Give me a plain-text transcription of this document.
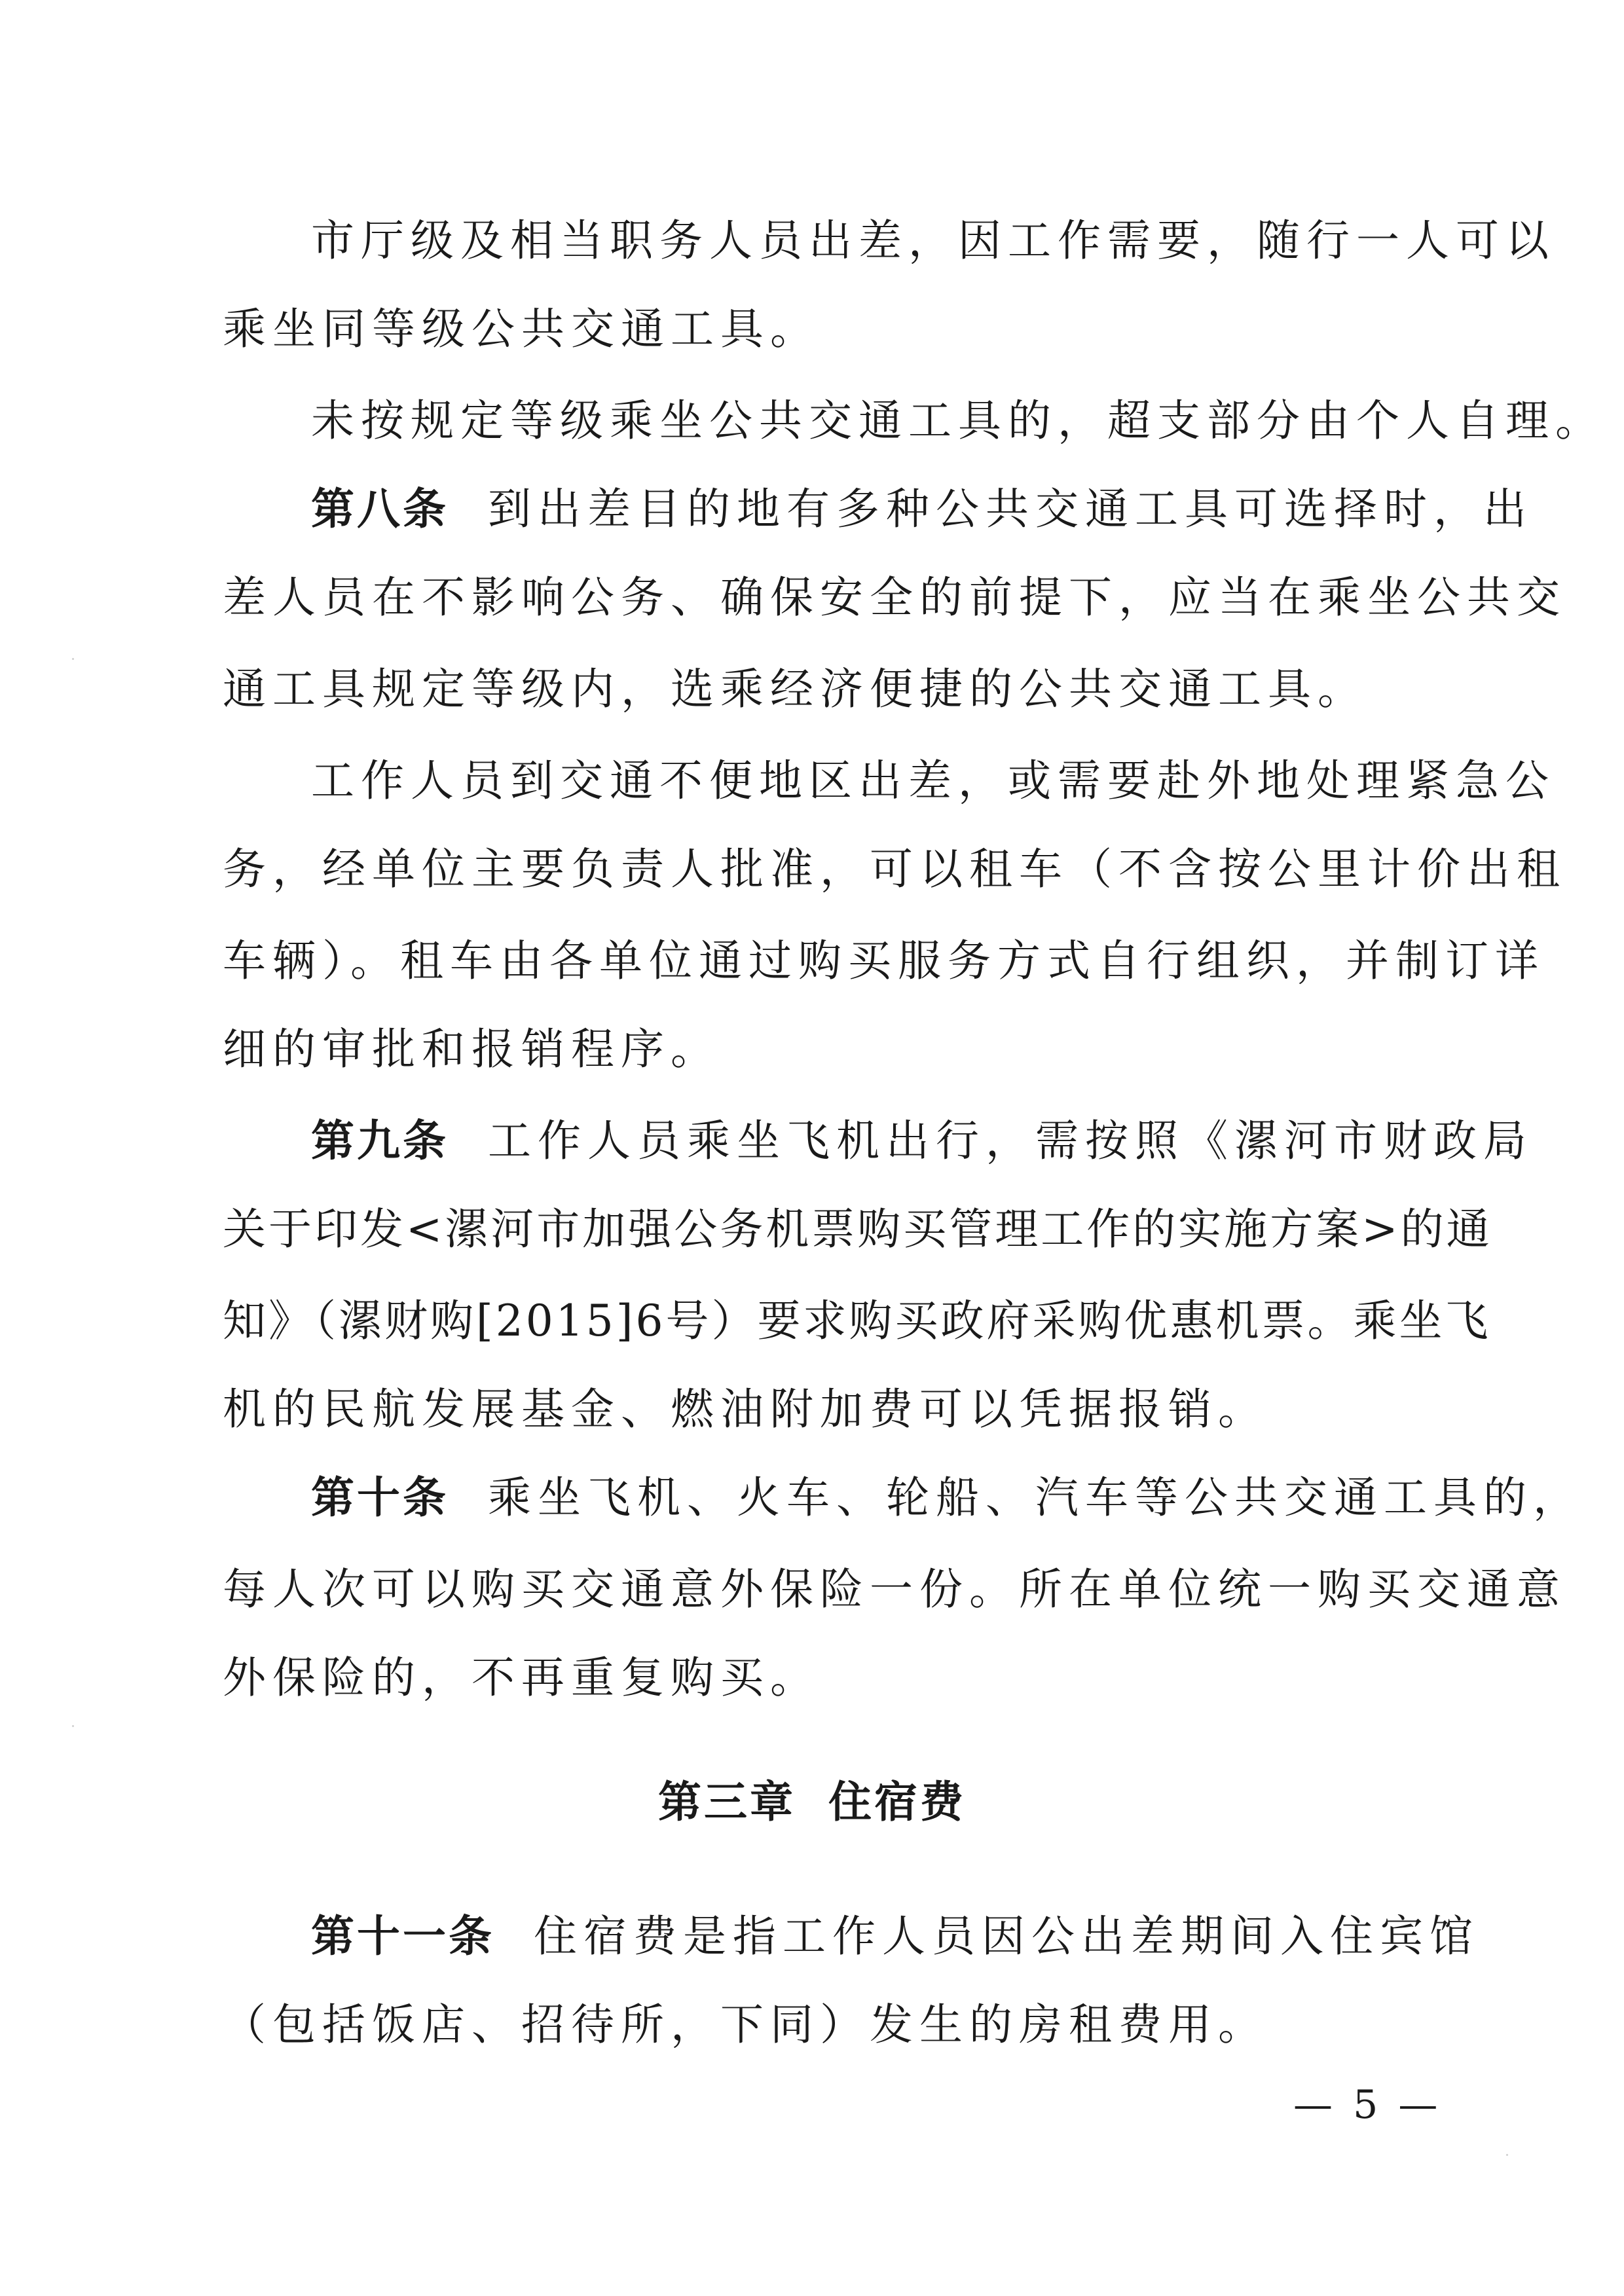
市厅级及相当职务人员出差，因工作需要，随行一人可以
乘坐同等级公共交通工具。
未按规定等级乘坐公共交通工具的，超支部分由个人自理。
第八条 到出差目的地有多种公共交通工具可选择时，出
差人员在不影响公务、确保安全的前提下，应当在乘坐公共交
通工具规定等级内，选乘经济便捷的公共交通工具。
工作人员到交通不便地区出差，或需要赴外地处理紧急公
务，经单位主要负责人批准，可以租车（不含按公里计价出租
车辆）。租车由各单位通过购买服务方式自行组织，并制订详
细的审批和报销程序。
第九条 工作人员乘坐飞机出行，需按照《漯河市财政局
关于印发<漯河市加强公务机票购买管理工作的实施方案>的通
知》（漯财购[2015]6号）要求购买政府采购优惠机票。乘坐飞
机的民航发展基金、燃油附加费可以凭据报销。
第十条 乘坐飞机、火车、轮船、汽车等公共交通工具的，
每人次可以购买交通意外保险一份。所在单位统一购买交通意
外保险的，不再重复购买。
第三章 住宿费
第十一条 住宿费是指工作人员因公出差期间入住宾馆
（包括饭店、招待所，下同）发生的房租费用。
— 5 —
